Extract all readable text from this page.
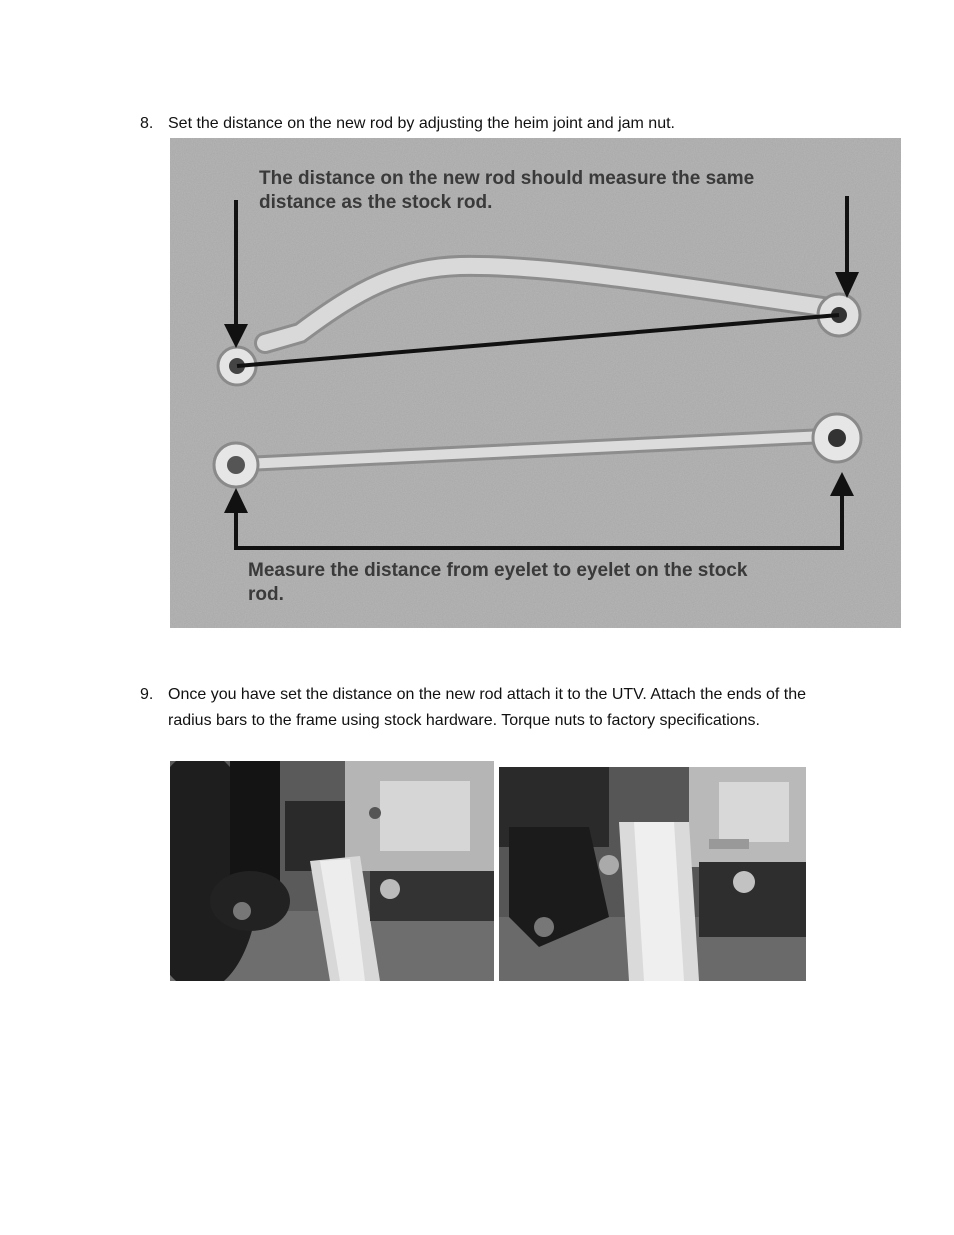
8. Set the distance on the new rod by adjusting the heim joint and jam nut.
The distance on the new rod should measure the same distance as the stock rod.
Measure the distance from eyelet to eyelet on the stock rod.
9. Once you have set the distance on the new rod attach it to the UTV. Attach the ends of the radius bars to the frame using stock hardware. Torque nuts to factory specifications.
